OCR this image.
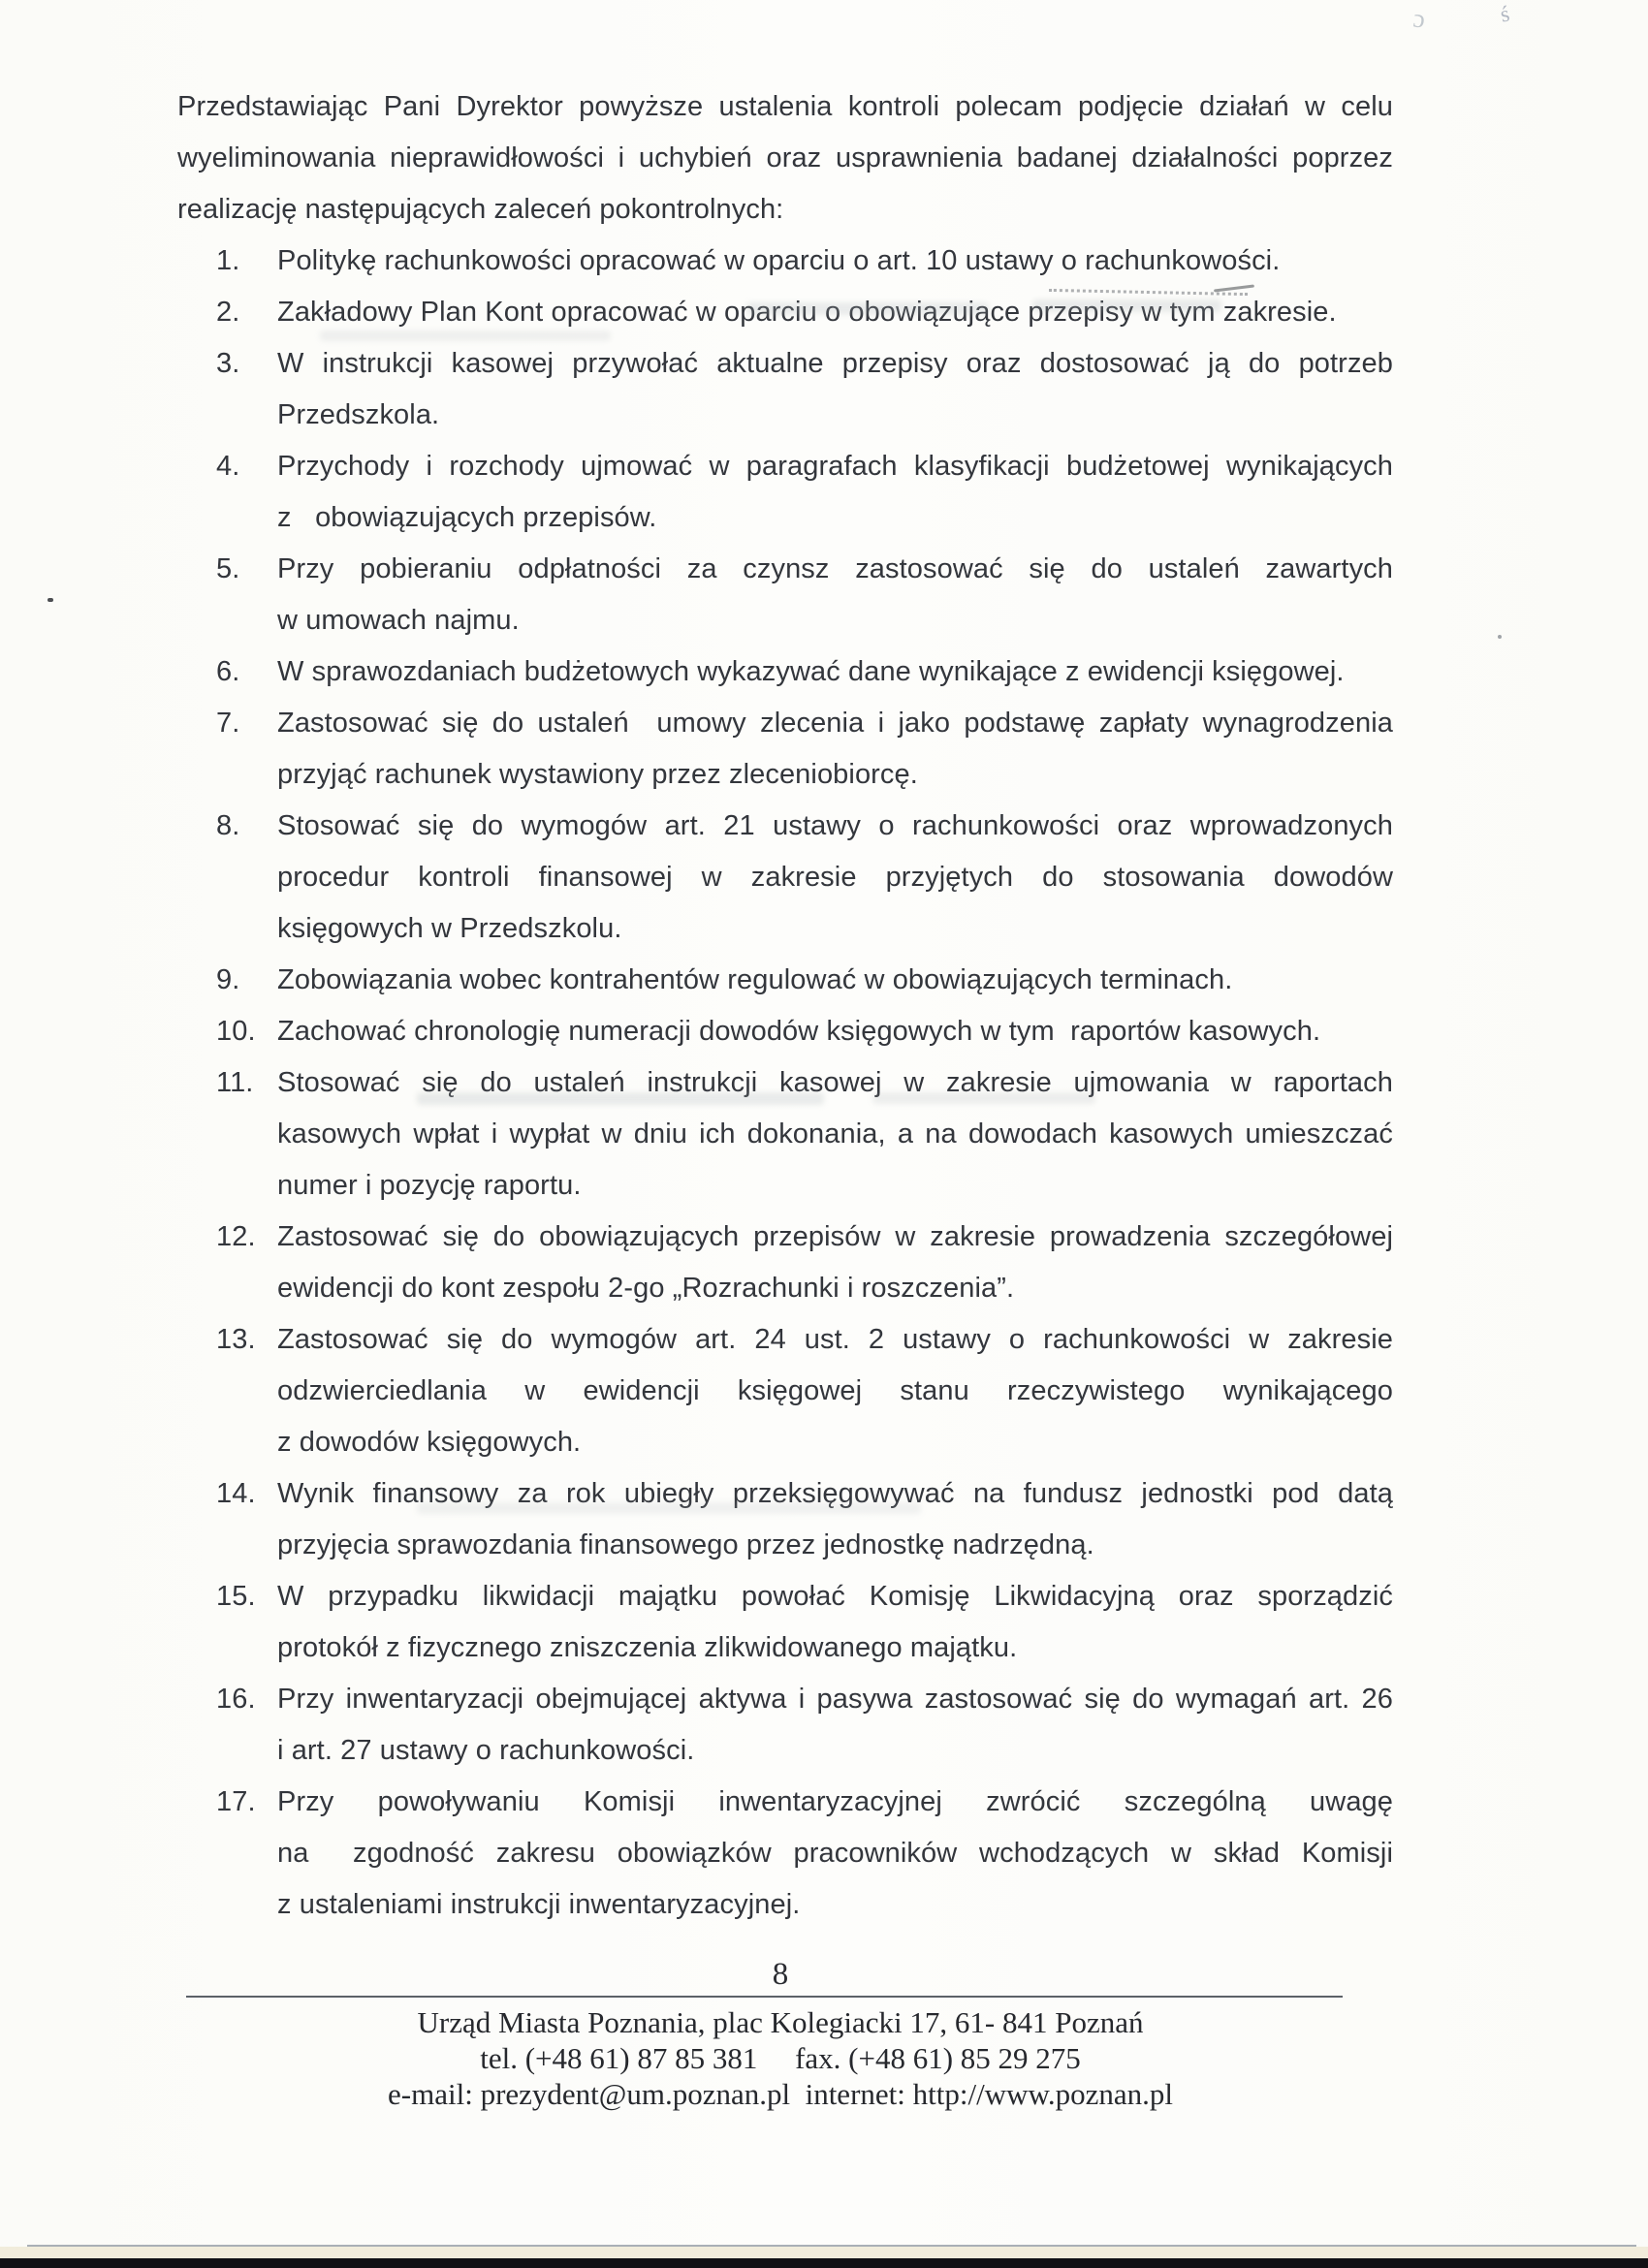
ɔ	ś
Przedstawiając Pani Dyrektor powyższe ustalenia kontroli polecam podjęcie działań w celu
wyeliminowania nieprawidłowości i uchybień oraz usprawnienia badanej działalności poprzez
realizację następujących zaleceń pokontrolnych:
1. Politykę rachunkowości opracować w oparciu o art. 10 ustawy o rachunkowości.
2. Zakładowy Plan Kont opracować w oparciu o obowiązujące przepisy w tym zakresie.
3. W instrukcji kasowej przywołać aktualne przepisy oraz dostosować ją do potrzeb
Przedszkola.
4. Przychody i rozchody ujmować w paragrafach klasyfikacji budżetowej wynikających
z   obowiązujących przepisów.
5. Przy pobieraniu odpłatności za czynsz zastosować się do ustaleń zawartych
w umowach najmu.
6. W sprawozdaniach budżetowych wykazywać dane wynikające z ewidencji księgowej.
7. Zastosować się do ustaleń  umowy zlecenia i jako podstawę zapłaty wynagrodzenia
przyjąć rachunek wystawiony przez zleceniobiorcę.
8. Stosować się do wymogów art. 21 ustawy o rachunkowości oraz wprowadzonych
procedur kontroli finansowej w zakresie przyjętych do stosowania dowodów
księgowych w Przedszkolu.
9. Zobowiązania wobec kontrahentów regulować w obowiązujących terminach.
10. Zachować chronologię numeracji dowodów księgowych w tym  raportów kasowych.
11. Stosować się do ustaleń instrukcji kasowej w zakresie ujmowania w raportach
kasowych wpłat i wypłat w dniu ich dokonania, a na dowodach kasowych umieszczać
numer i pozycję raportu.
12. Zastosować się do obowiązujących przepisów w zakresie prowadzenia szczegółowej
ewidencji do kont zespołu 2-go „Rozrachunki i roszczenia”.
13. Zastosować się do wymogów art. 24 ust. 2 ustawy o rachunkowości w zakresie
odzwierciedlania w ewidencji księgowej stanu rzeczywistego wynikającego
z dowodów księgowych.
14. Wynik finansowy za rok ubiegły przeksięgowywać na fundusz jednostki pod datą
przyjęcia sprawozdania finansowego przez jednostkę nadrzędną.
15. W przypadku likwidacji majątku powołać Komisję Likwidacyjną oraz sporządzić
protokół z fizycznego zniszczenia zlikwidowanego majątku.
16. Przy inwentaryzacji obejmującej aktywa i pasywa zastosować się do wymagań art. 26
i art. 27 ustawy o rachunkowości.
17. Przy powoływaniu Komisji inwentaryzacyjnej zwrócić szczególną uwagę
na  zgodność zakresu obowiązków pracowników wchodzących w skład Komisji
z ustaleniami instrukcji inwentaryzacyjnej.
8
Urząd Miasta Poznania, plac Kolegiacki 17, 61- 841 Poznań
tel. (+48 61) 87 85 381     fax. (+48 61) 85 29 275
e-mail: prezydent@um.poznan.pl  internet: http://www.poznan.pl
